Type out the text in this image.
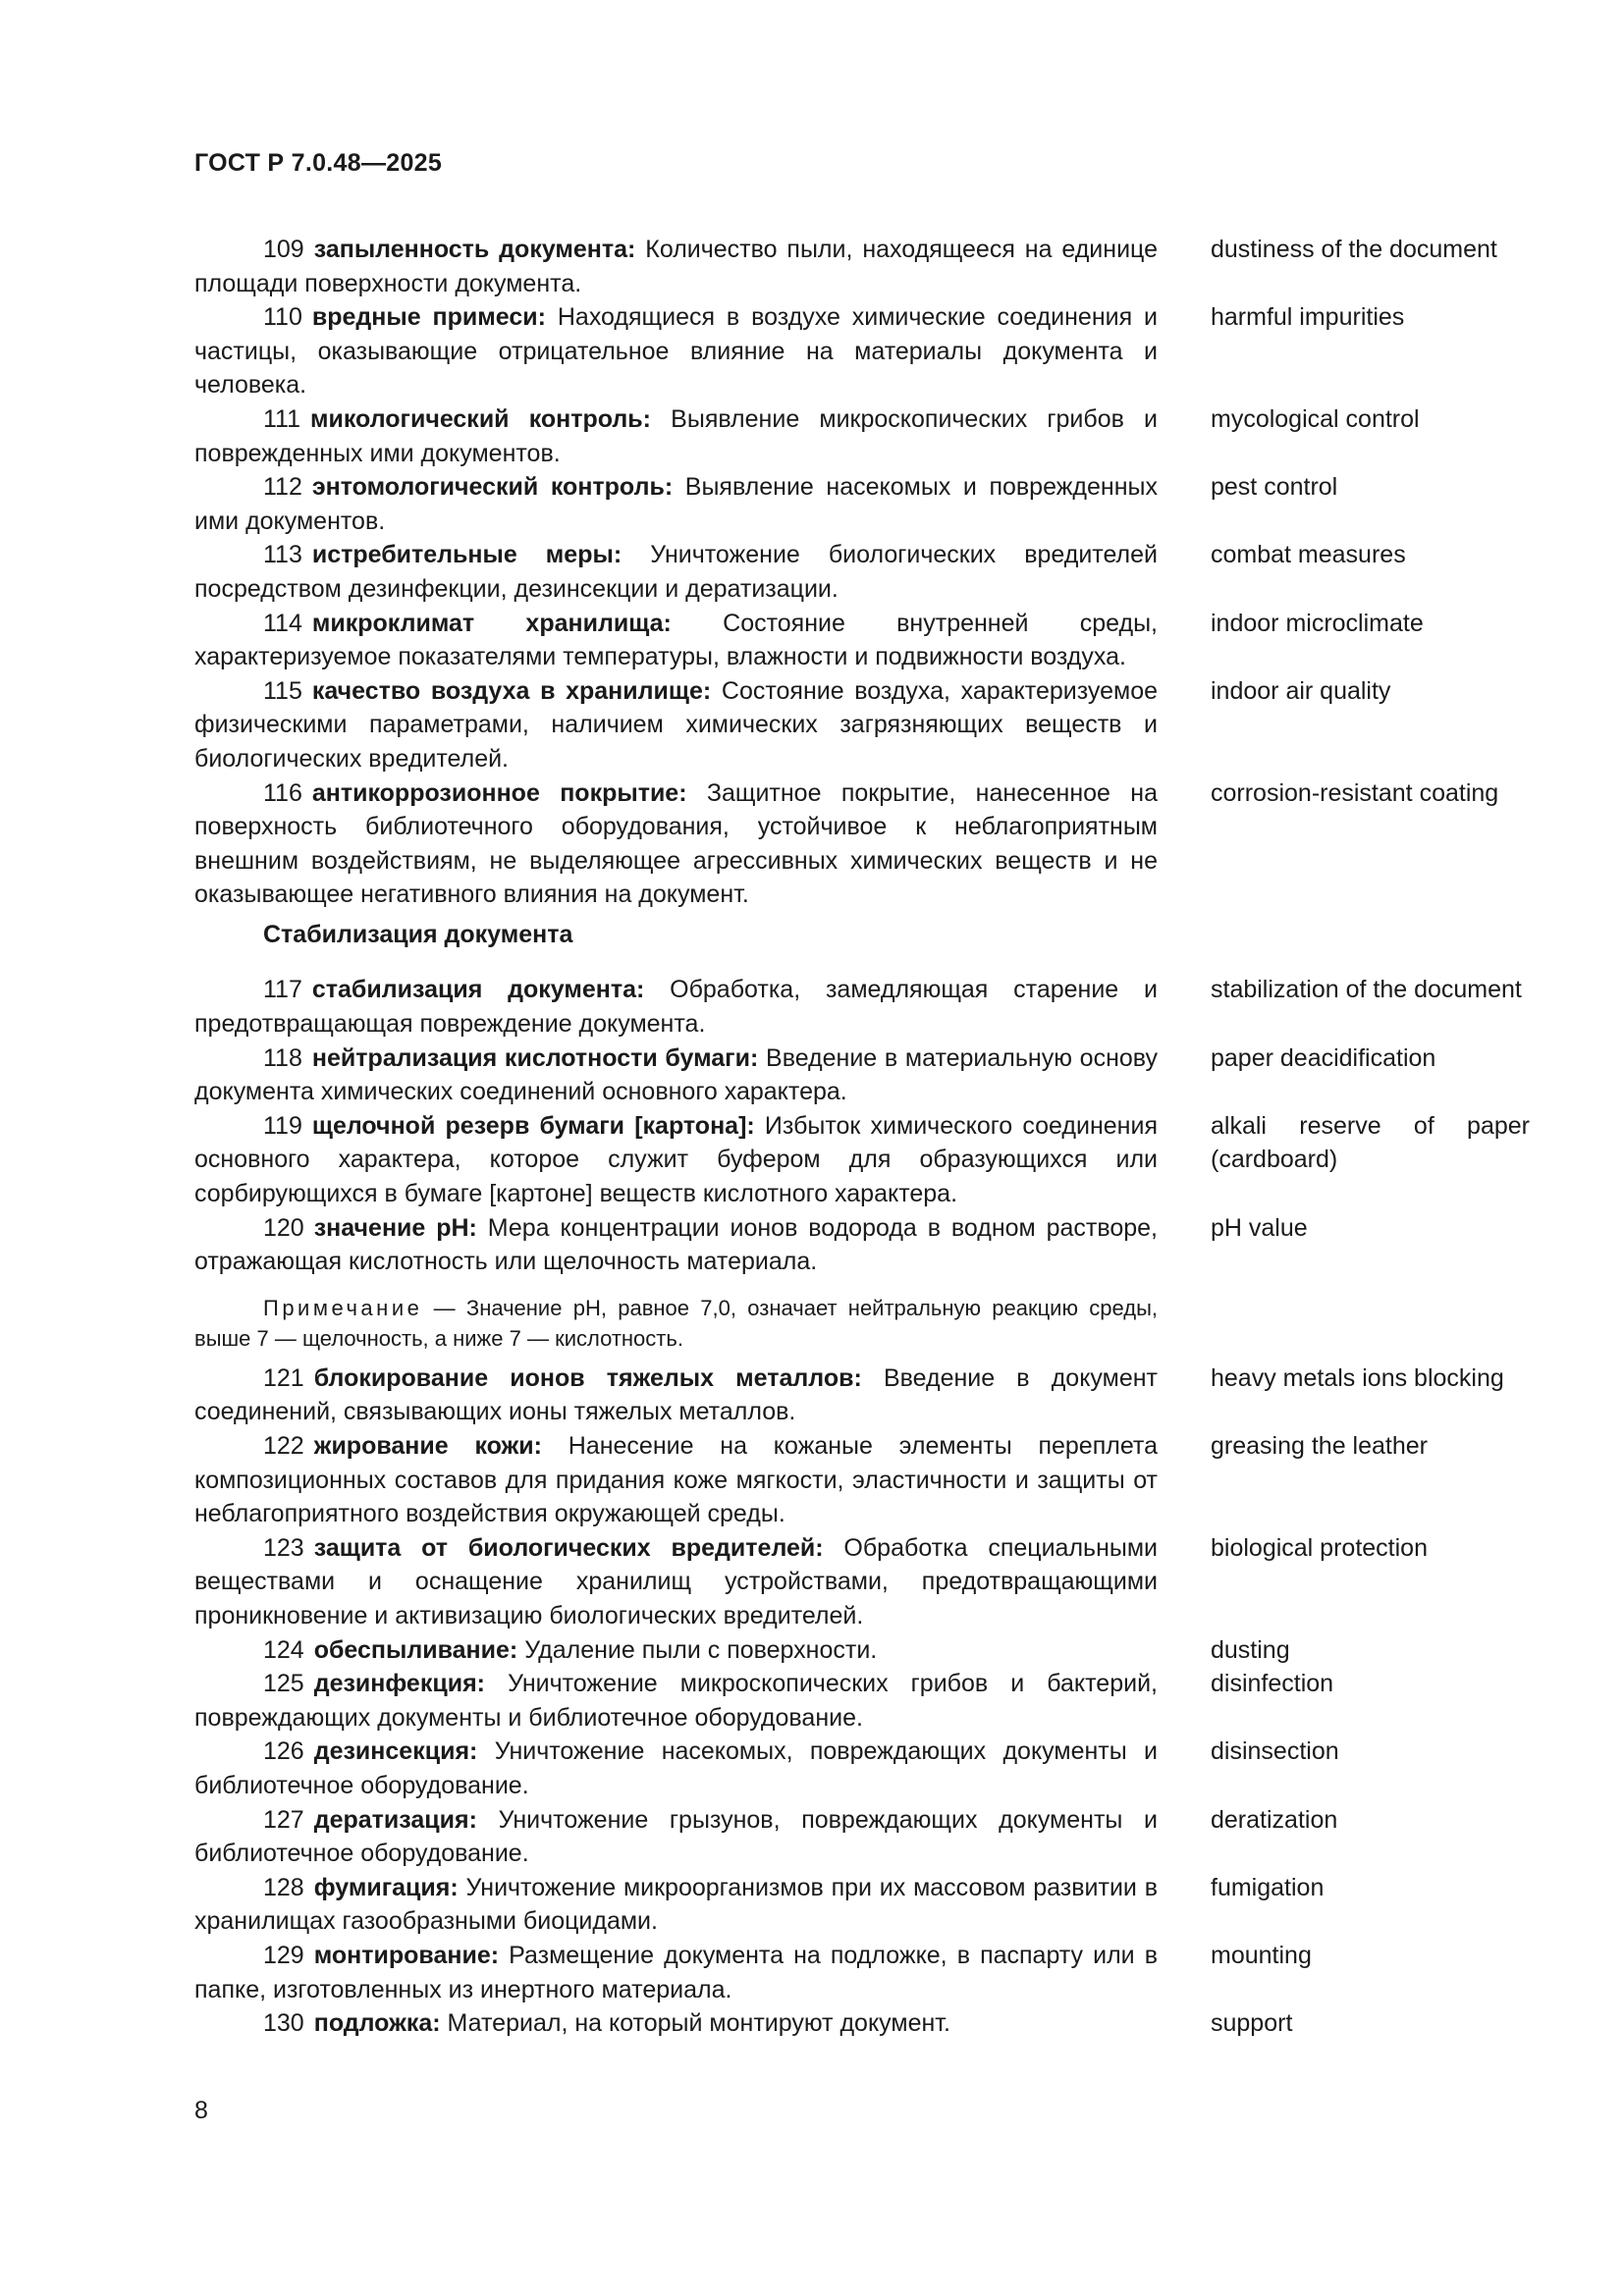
ГОСТ Р 7.0.48—2025
109 запыленность документа: Количество пыли, находящееся на единице площади поверхности документа.
dustiness of the document
110 вредные примеси: Находящиеся в воздухе химические соединения и частицы, оказывающие отрицательное влияние на материалы документа и человека.
harmful impurities
111 микологический контроль: Выявление микроскопических грибов и поврежденных ими документов.
mycological control
112 энтомологический контроль: Выявление насекомых и поврежденных ими документов.
pest control
113 истребительные меры: Уничтожение биологических вредителей посредством дезинфекции, дезинсекции и дератизации.
combat measures
114 микроклимат хранилища: Состояние внутренней среды, характеризуемое показателями температуры, влажности и подвижности воздуха.
indoor microclimate
115 качество воздуха в хранилище: Состояние воздуха, характеризуемое физическими параметрами, наличием химических загрязняющих веществ и биологических вредителей.
indoor air quality
116 антикоррозионное покрытие: Защитное покрытие, нанесенное на поверхность библиотечного оборудования, устойчивое к неблагоприятным внешним воздействиям, не выделяющее агрессивных химических веществ и не оказывающее негативного влияния на документ.
corrosion-resistant coating
Стабилизация документа
117 стабилизация документа: Обработка, замедляющая старение и предотвращающая повреждение документа.
stabilization of the document
118 нейтрализация кислотности бумаги: Введение в материальную основу документа химических соединений основного характера.
paper deacidification
119 щелочной резерв бумаги [картона]: Избыток химического соединения основного характера, которое служит буфером для образующихся или сорбирующихся в бумаге [картоне] веществ кислотного характера.
alkali reserve of paper (cardboard)
120 значение pH: Мера концентрации ионов водорода в водном растворе, отражающая кислотность или щелочность материала.
pH value
Примечание — Значение pH, равное 7,0, означает нейтральную реакцию среды, выше 7 — щелочность, а ниже 7 — кислотность.
121 блокирование ионов тяжелых металлов: Введение в документ соединений, связывающих ионы тяжелых металлов.
heavy metals ions blocking
122 жирование кожи: Нанесение на кожаные элементы переплета композиционных составов для придания коже мягкости, эластичности и защиты от неблагоприятного воздействия окружающей среды.
greasing the leather
123 защита от биологических вредителей: Обработка специальными веществами и оснащение хранилищ устройствами, предотвращающими проникновение и активизацию биологических вредителей.
biological protection
124 обеспыливание: Удаление пыли с поверхности.	dusting
125 дезинфекция: Уничтожение микроскопических грибов и бактерий, повреждающих документы и библиотечное оборудование.
disinfection
126 дезинсекция: Уничтожение насекомых, повреждающих документы и библиотечное оборудование.
disinsection
127 дератизация: Уничтожение грызунов, повреждающих документы и библиотечное оборудование.
deratization
128 фумигация: Уничтожение микроорганизмов при их массовом развитии в хранилищах газообразными биоцидами.
fumigation
129 монтирование: Размещение документа на подложке, в паспарту или в папке, изготовленных из инертного материала.
mounting
130 подложка: Материал, на который монтируют документ.	support
8
